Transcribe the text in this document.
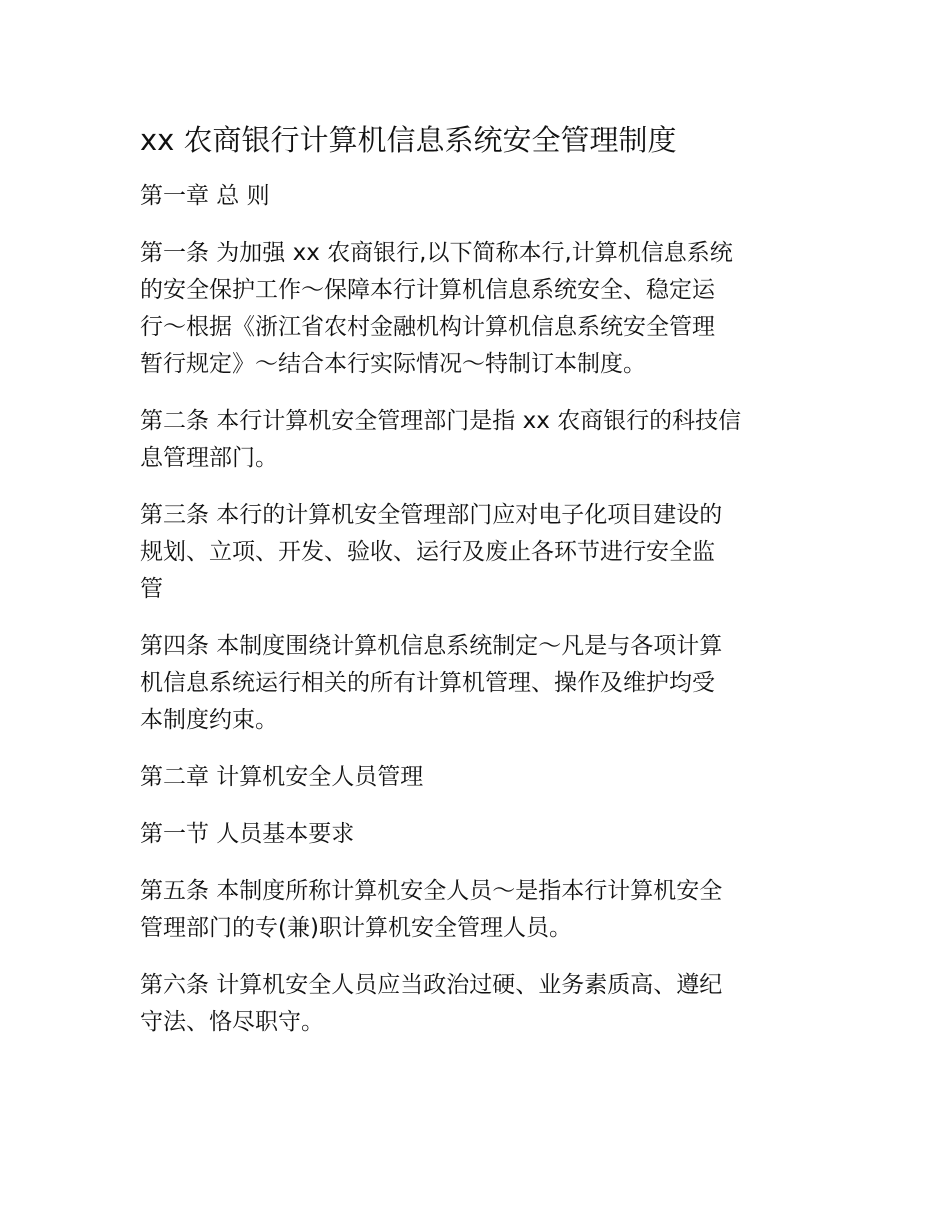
xx 农商银行计算机信息系统安全管理制度
第一章 总 则
第一条 为加强 xx 农商银行,以下简称本行,计算机信息系统
的安全保护工作～保障本行计算机信息系统安全、稳定运
行～根据《浙江省农村金融机构计算机信息系统安全管理
暂行规定》～结合本行实际情况～特制订本制度。
第二条 本行计算机安全管理部门是指 xx 农商银行的科技信
息管理部门。
第三条 本行的计算机安全管理部门应对电子化项目建设的
规划、立项、开发、验收、运行及废止各环节进行安全监
管
第四条 本制度围绕计算机信息系统制定～凡是与各项计算
机信息系统运行相关的所有计算机管理、操作及维护均受
本制度约束。
第二章 计算机安全人员管理
第一节 人员基本要求
第五条 本制度所称计算机安全人员～是指本行计算机安全
管理部门的专(兼)职计算机安全管理人员。
第六条 计算机安全人员应当政治过硬、业务素质高、遵纪
守法、恪尽职守。
